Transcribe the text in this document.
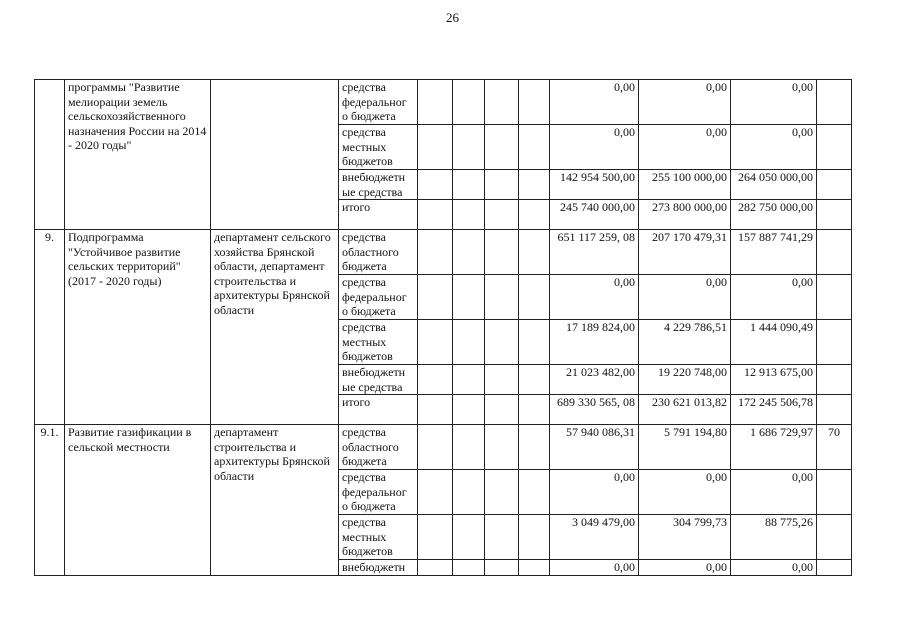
26
	программы "Развитие мелиорации земель сельскохозяйственного назначения России на 2014 - 2020 годы"		средства федеральног о бюджета					0,00	0,00	0,00	
			средства местных бюджетов					0,00	0,00	0,00	
			внебюджетн ые средства					142 954 500,00	255 100 000,00	264 050 000,00	
			итого					245 740 000,00	273 800 000,00	282 750 000,00	
9.	Подпрограмма "Устойчивое развитие сельских территорий" (2017 - 2020 годы)	департамент сельского хозяйства Брянской области, департамент строительства и архитектуры Брянской области	средства областного бюджета					651 117 259, 08	207 170 479,31	157 887 741,29	
			средства федеральног о бюджета					0,00	0,00	0,00	
			средства местных бюджетов					17 189 824,00	4 229 786,51	1 444 090,49	
			внебюджетн ые средства					21 023 482,00	19 220 748,00	12 913 675,00	
			итого					689 330 565, 08	230 621 013,82	172 245 506,78	
9.1.	Развитие газификации в сельской местности	департамент строительства и архитектуры Брянской области	средства областного бюджета					57 940 086,31	5 791 194,80	1 686 729,97	70
			средства федеральног о бюджета					0,00	0,00	0,00	
			средства местных бюджетов					3 049 479,00	304 799,73	88 775,26	
			внебюджетн					0,00	0,00	0,00	
